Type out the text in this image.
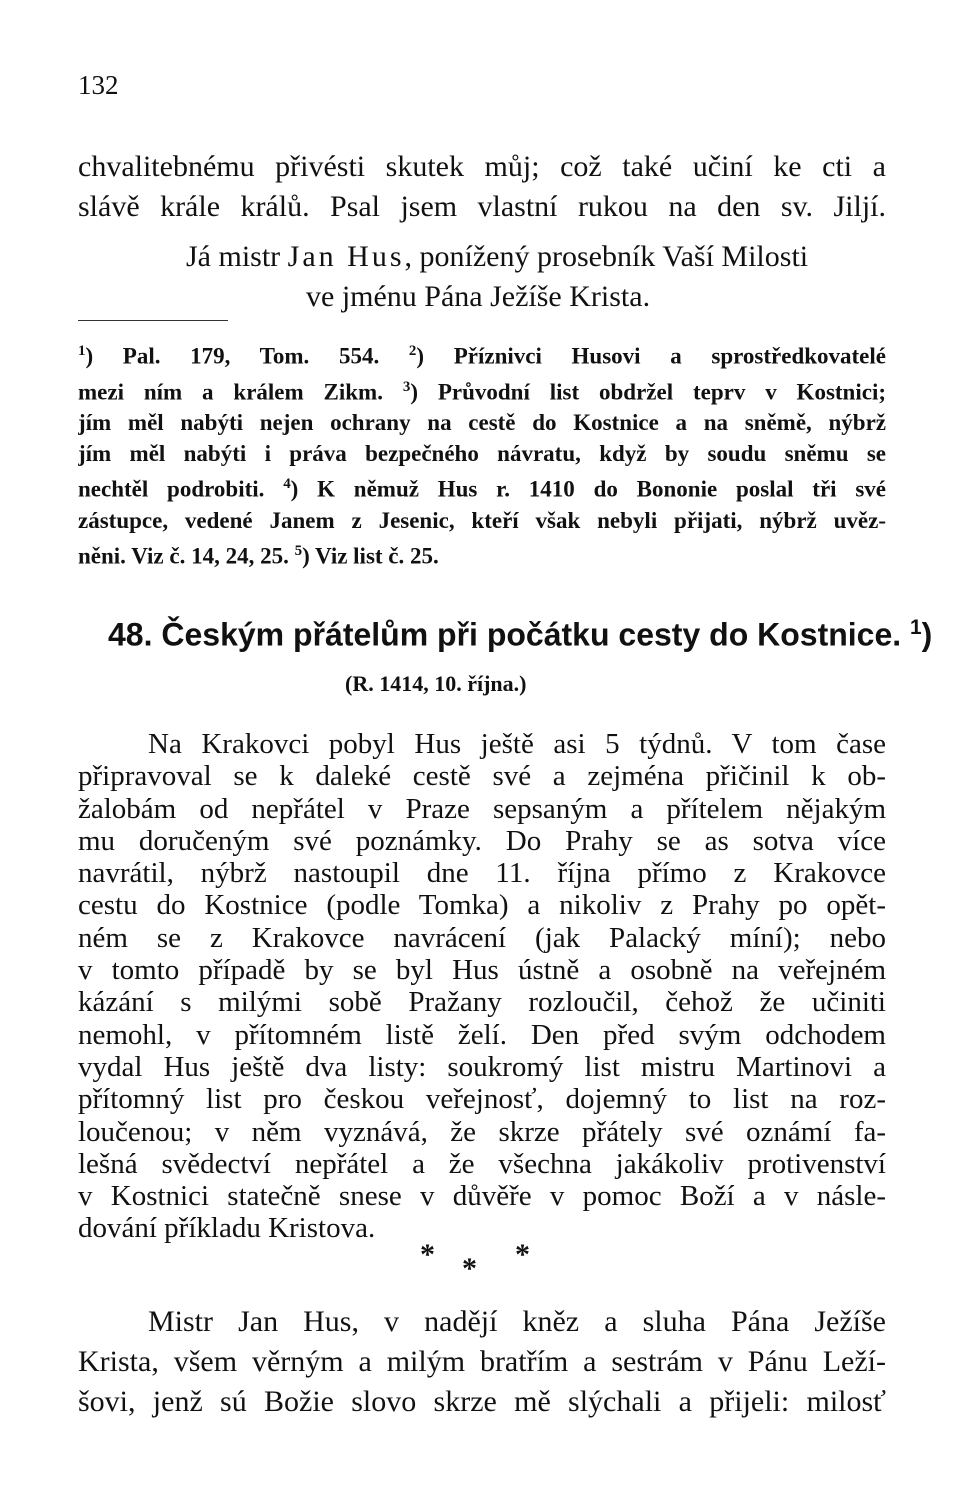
132
chvalitebnému přivésti skutek můj; což také učiní ke cti a
slávě krále králů. Psal jsem vlastní rukou na den sv. Jiljí.
Já mistr Jan Hus, ponížený prosebník Vaší Milosti
ve jménu Pána Ježíše Krista.
$^1$) Pal. 179, Tom. 554. $^2$) Příznivci Husovi a sprostředkovatelé
mezi ním a králem Zikm. $^3$) Průvodní list obdržel teprv v Kostnici;
jím měl nabýti nejen ochrany na cestě do Kostnice a na sněmě, nýbrž
jím měl nabýti i práva bezpečného návratu, když by soudu sněmu se
nechtěl podrobiti. $^4$) K němuž Hus r. 1410 do Bononie poslal tři své
zástupce, vedené Janem z Jesenic, kteří však nebyli přijati, nýbrž uvěz-
něni. Viz č. 14, 24, 25. $^5$) Viz list č. 25.
48. Českým přátelům při počátku cesty do Kostnice. $^1$)
(R. 1414, 10. října.)
Na Krakovci pobyl Hus ještě asi 5 týdnů. V tom čase
připravoval se k daleké cestě své a zejména přičinil k ob-
žalobám od nepřátel v Praze sepsaným a přítelem nějakým
mu doručeným své poznámky. Do Prahy se as sotva více
navrátil, nýbrž nastoupil dne 11. října přímo z Krakovce
cestu do Kostnice (podle Tomka) a nikoliv z Prahy po opět-
ném se z Krakovce navrácení (jak Palacký míní); nebo
v tomto případě by se byl Hus ústně a osobně na veřejném
kázání s milými sobě Pražany rozloučil, čehož že učiniti
nemohl, v přítomném listě želí. Den před svým odchodem
vydal Hus ještě dva listy: soukromý list mistru Martinovi a
přítomný list pro českou veřejnosť, dojemný to list na roz-
loučenou; v něm vyznává, že skrze přátely své oznámí fa-
lešná svědectví nepřátel a že všechna jakákoliv protivenství
v Kostnici statečně snese v důvěře v pomoc Boží a v násle-
dování příkladu Kristova.
* * *
Mistr Jan Hus, v nadějí kněz a sluha Pána Ježíše
Krista, všem věrným a milým bratřím a sestrám v Pánu Leží-
šovi, jenž sú Božie slovo skrze mě slýchali a přijeli: milosť
